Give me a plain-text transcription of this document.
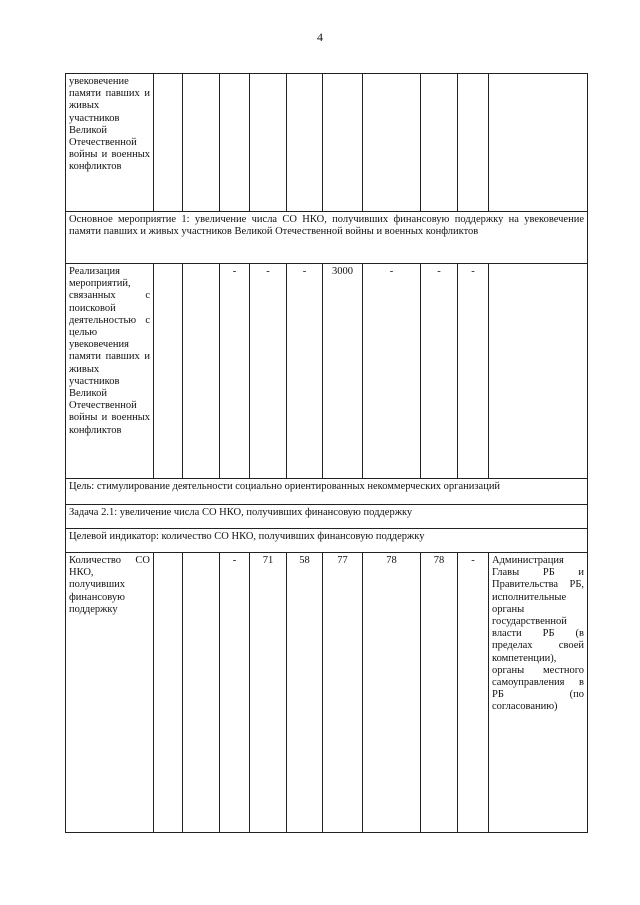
4
увековечение памяти павших и живых участников Великой Отечественной войны и военных конфликтов										
Основное мероприятие 1: увеличение числа СО НКО, получивших финансовую поддержку на увековечение памяти павших и живых участников Великой Отечественной войны и военных конфликтов										
Реализация мероприятий, связанных с поисковой деятельностью с целью увековечения памяти павших и живых участников Великой Отечественной войны и военных конфликтов			-	-	-	3000	-	-	-	
Цель: стимулирование деятельности социально ориентированных некоммерческих организаций										
Задача 2.1: увеличение числа СО НКО, получивших финансовую поддержку										
Целевой индикатор: количество СО НКО, получивших финансовую поддержку										
Количество СО НКО, получивших финансовую поддержку			-	71	58	77	78	78	-	Администрация Главы РБ и Правительства РБ, исполнительные органы государственной власти РБ (в пределах своей компетенции), органы местного самоуправления в РБ (по согласованию)
